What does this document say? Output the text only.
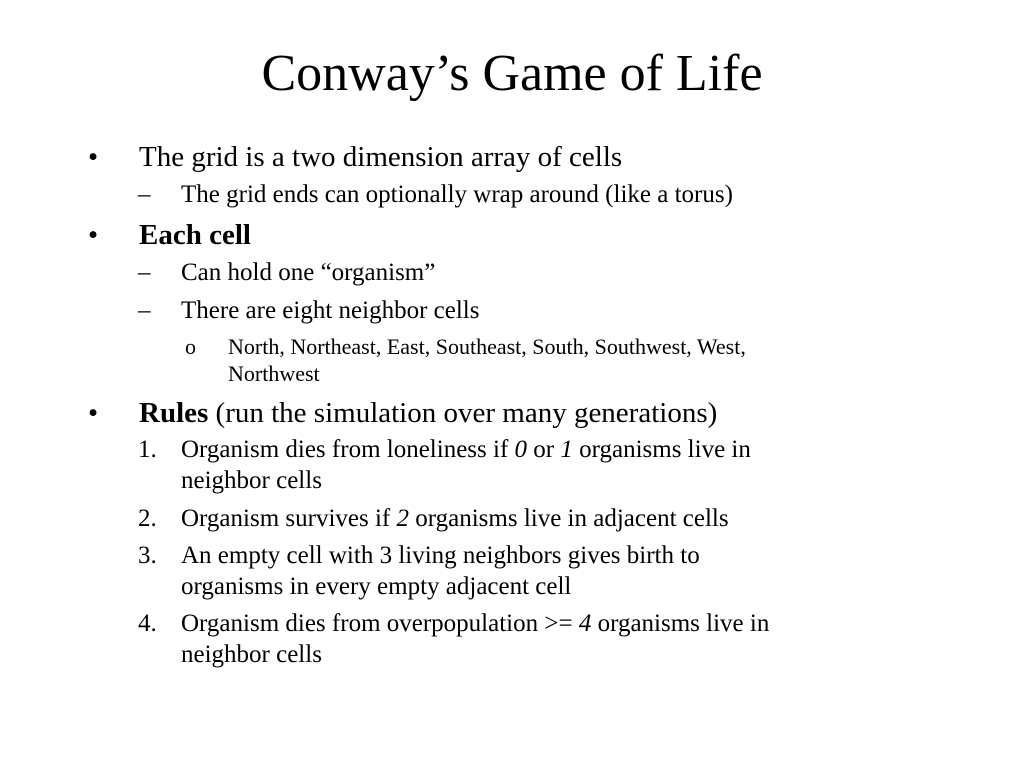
Conway’s Game of Life
• The grid is a two dimension array of cells
– The grid ends can optionally wrap around (like a torus)
• Each cell
– Can hold one “organism”
– There are eight neighbor cells
o North, Northeast, East, Southeast, South, Southwest, West,
Northwest
• Rules (run the simulation over many generations)
1. Organism dies from loneliness if 0 or 1 organisms live in
neighbor cells
2. Organism survives if 2 organisms live in adjacent cells
3. An empty cell with 3 living neighbors gives birth to
organisms in every empty adjacent cell
4. Organism dies from overpopulation >= 4 organisms live in
neighbor cells
